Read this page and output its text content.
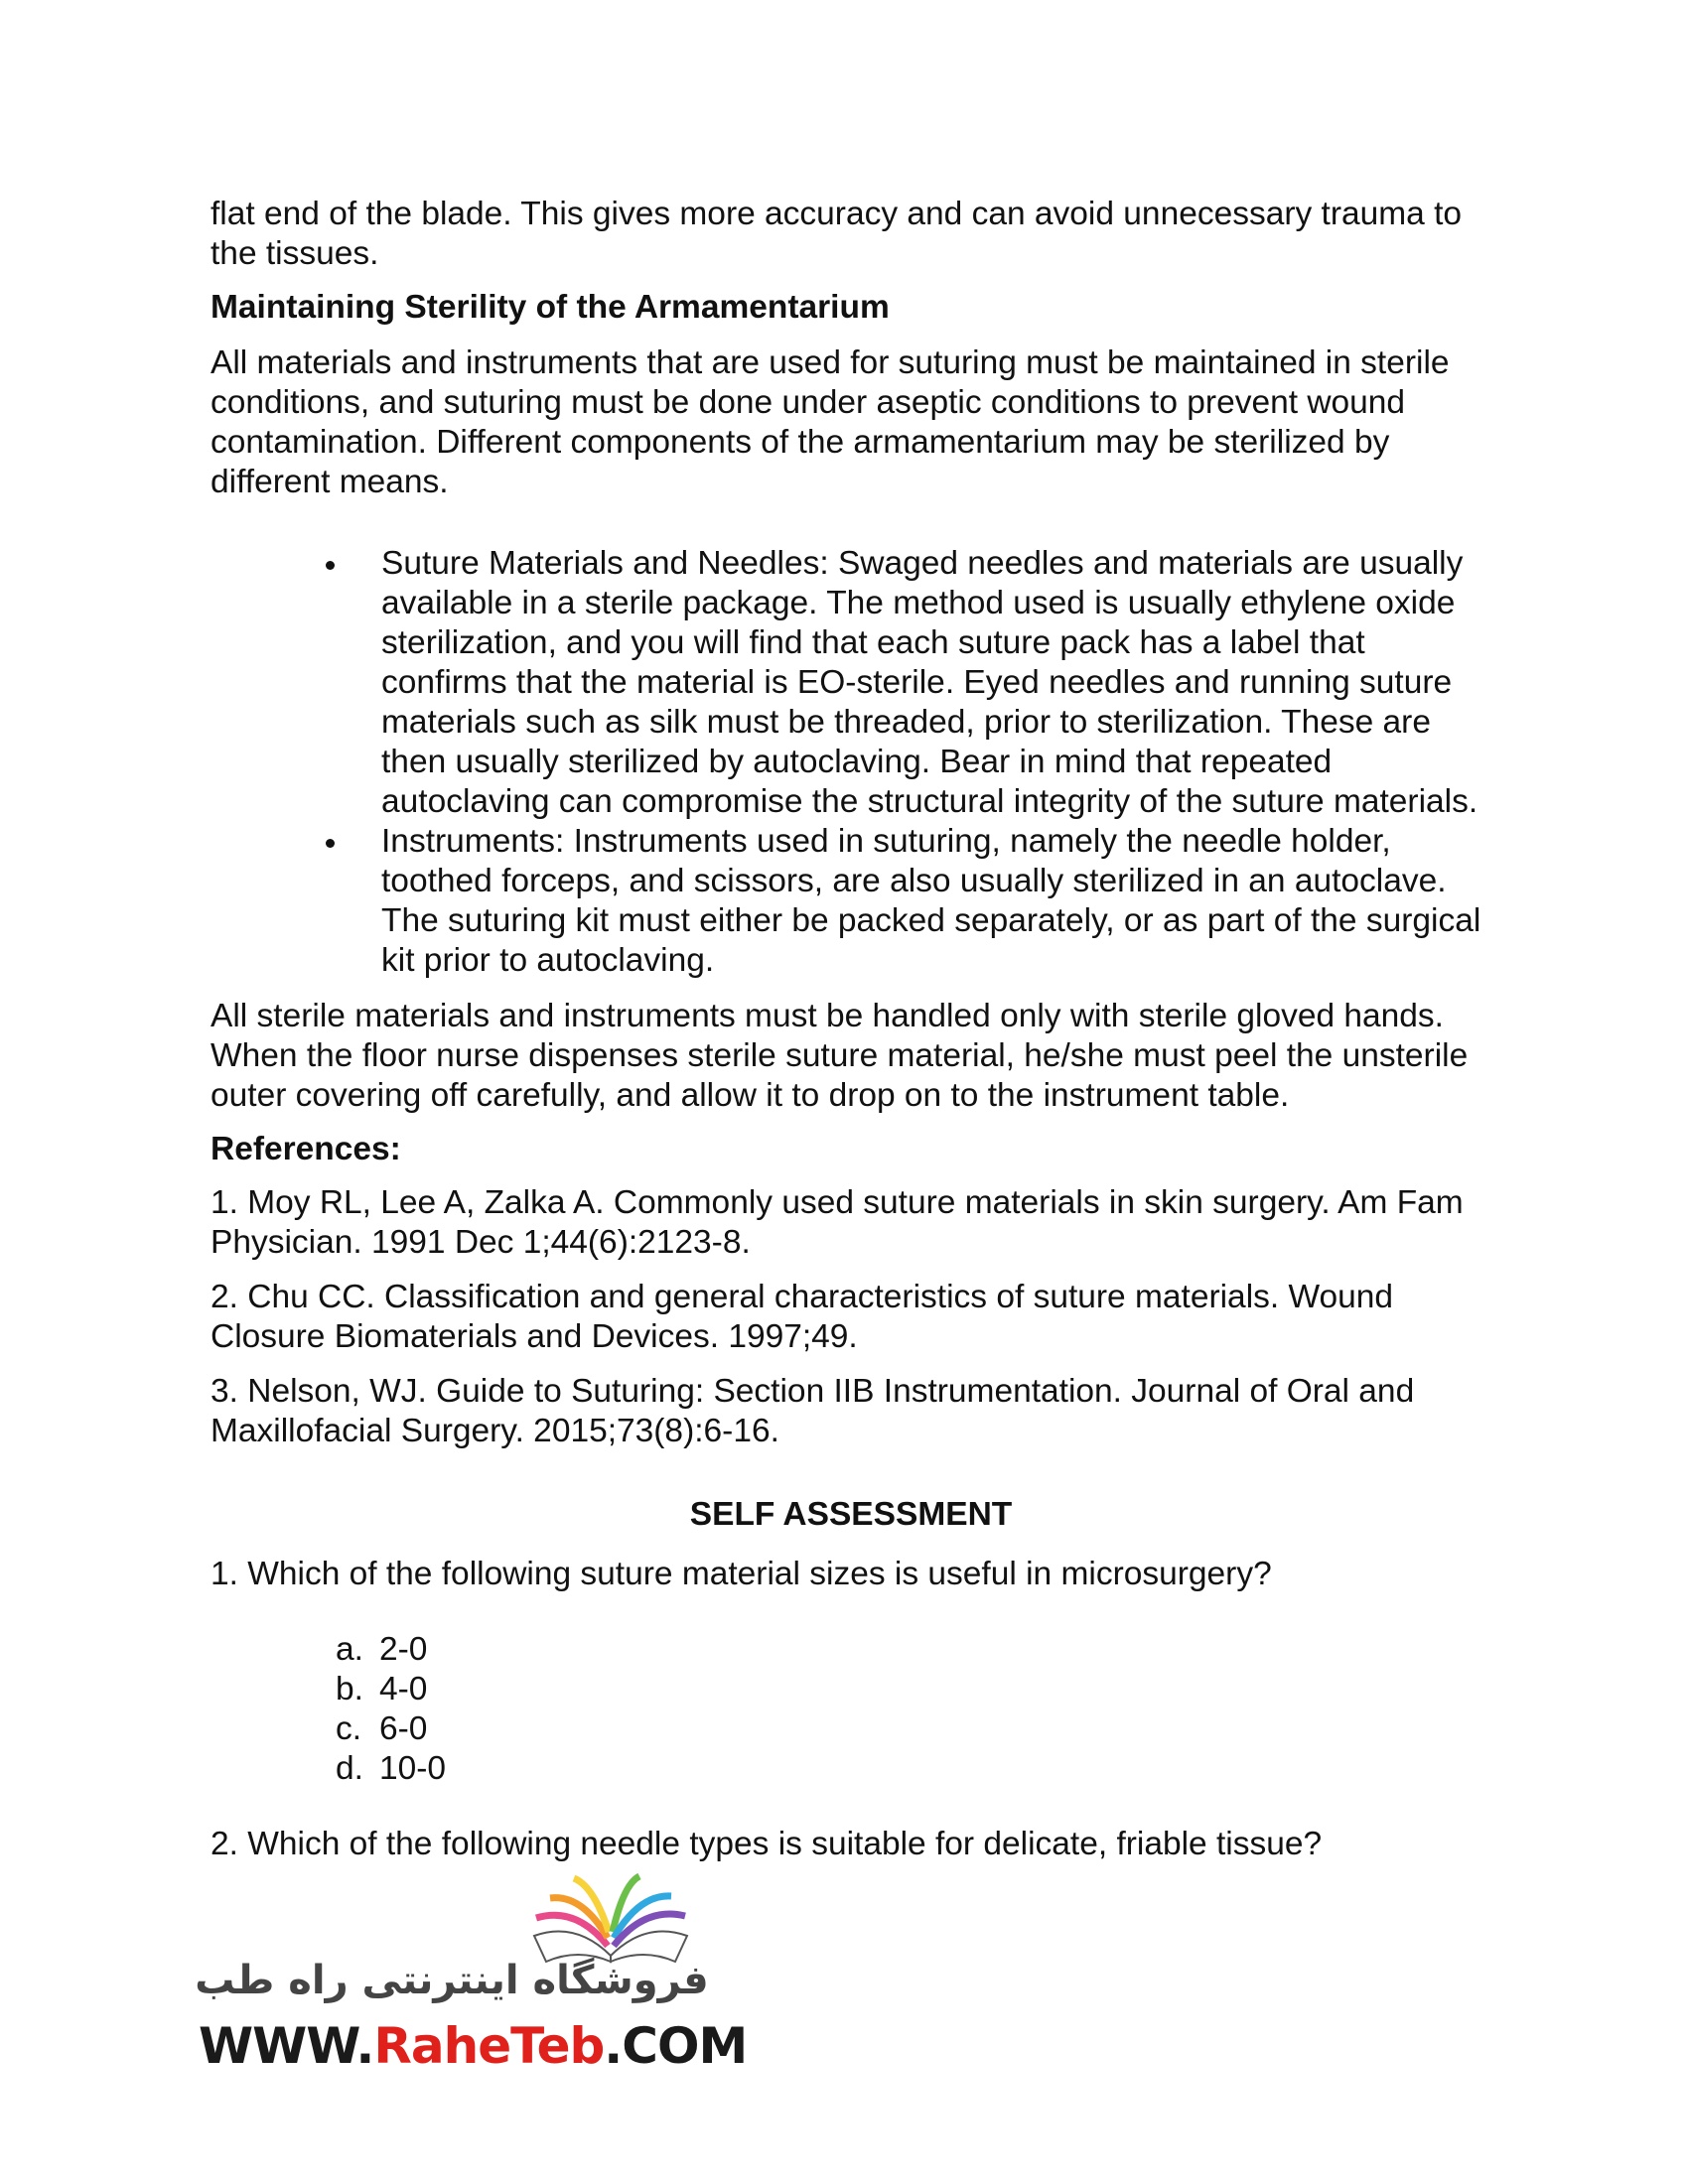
flat end of the blade. This gives more accuracy and can avoid unnecessary trauma to the tissues.

Maintaining Sterility of the Armamentarium

All materials and instruments that are used for suturing must be maintained in sterile conditions, and suturing must be done under aseptic conditions to prevent wound contamination. Different components of the armamentarium may be sterilized by different means.

Suture Materials and Needles: Swaged needles and materials are usually available in a sterile package. The method used is usually ethylene oxide sterilization, and you will find that each suture pack has a label that confirms that the material is EO-sterile. Eyed needles and running suture materials such as silk must be threaded, prior to sterilization. These are then usually sterilized by autoclaving. Bear in mind that repeated autoclaving can compromise the structural integrity of the suture materials.
Instruments: Instruments used in suturing, namely the needle holder, toothed forceps, and scissors, are also usually sterilized in an autoclave. The suturing kit must either be packed separately, or as part of the surgical kit prior to autoclaving.

All sterile materials and instruments must be handled only with sterile gloved hands. When the floor nurse dispenses sterile suture material, he/she must peel the unsterile outer covering off carefully, and allow it to drop on to the instrument table.

References:

1. Moy RL, Lee A, Zalka A. Commonly used suture materials in skin surgery. Am Fam Physician. 1991 Dec 1;44(6):2123-8.

2. Chu CC. Classification and general characteristics of suture materials. Wound Closure Biomaterials and Devices. 1997;49.

3. Nelson, WJ. Guide to Suturing: Section IIB Instrumentation. Journal of Oral and Maxillofacial Surgery. 2015;73(8):6-16.

SELF ASSESSMENT

1. Which of the following suture material sizes is useful in microsurgery?

a. 2-0
b. 4-0
c. 6-0
d. 10-0

2. Which of the following needle types is suitable for delicate, friable tissue?

فروشگاه اینترنتی راه طب
WWW.RaheTeb.COM
